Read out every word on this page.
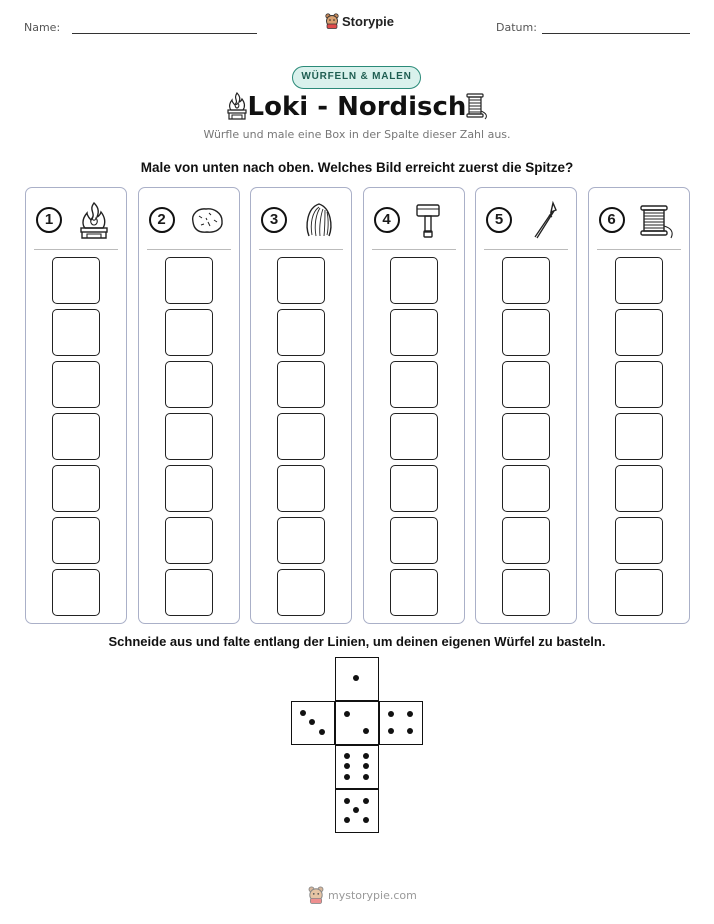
Name:	Storypie	Datum:
WÜRFELN & MALEN
Loki - Nordisch
Würfle und male eine Box in der Spalte dieser Zahl aus.
Male von unten nach oben. Welches Bild erreicht zuerst die Spitze?
1	2	3	4	5	6
Schneide aus und falte entlang der Linien, um deinen eigenen Würfel zu basteln.
mystorypie.com
